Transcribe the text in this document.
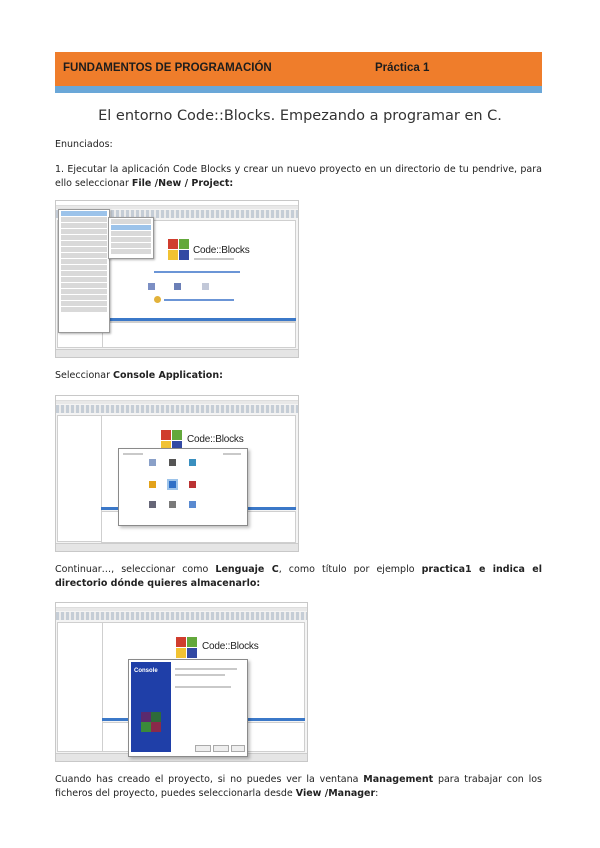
FUNDAMENTOS DE PROGRAMACIÓN	Práctica 1
El entorno Code::Blocks. Empezando a programar en C.
Enunciados:
1. Ejecutar la aplicación Code Blocks y crear un nuevo proyecto en un directorio de tu pendrive, para ello seleccionar File /New / Project:
Code::Blocks
Seleccionar Console Application:
Code::Blocks
Continuar…, seleccionar como Lenguaje C, como título por ejemplo practica1 e indica el directorio dónde quieres almacenarlo:
Code::Blocks
Console
Cuando has creado el proyecto, si no puedes ver la ventana Management para trabajar con los ficheros del proyecto, puedes seleccionarla desde View /Manager:
